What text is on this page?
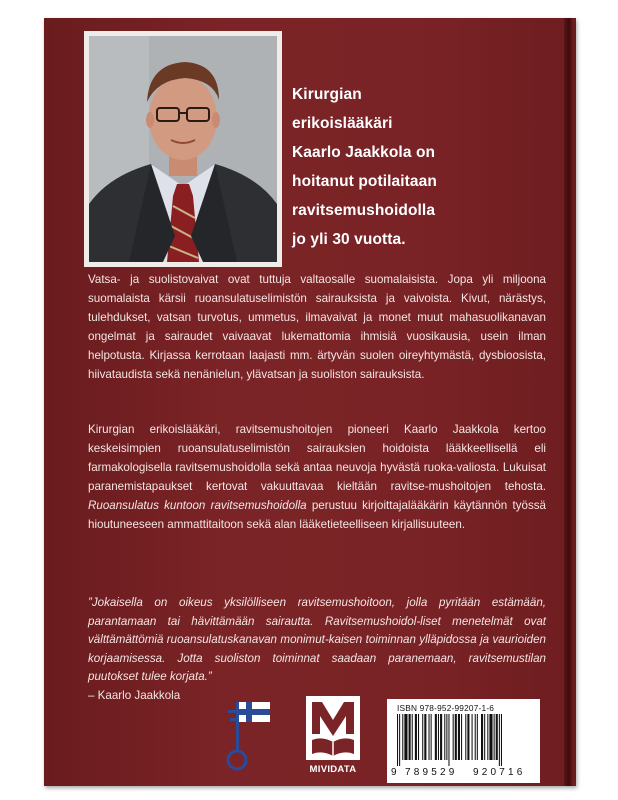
Kirurgian
erikoislääkäri
Kaarlo Jaakkola on
hoitanut potilaitaan
ravitsemushoidolla
jo yli 30 vuotta.

Vatsa- ja suolistovaivat ovat tuttuja valtaosalle suomalaisista. Jopa yli miljoona suomalaista kärsii ruoansulatuselimistön sairauksista ja vaivoista. Kivut, närästys, tulehdukset, vatsan turvotus, ummetus, ilmavaivat ja monet muut mahasuolikanavan ongelmat ja sairaudet vaivaavat lukemattomia ihmisiä vuosikausia, usein ilman helpotusta. Kirjassa kerrotaan laajasti mm. ärtyvän suolen oireyhtymästä, dysbioosista, hiivataudista sekä nenänielun, ylävatsan ja suoliston sairauksista.

Kirurgian erikoislääkäri, ravitsemushoitojen pioneeri Kaarlo Jaakkola kertoo keskeisimpien ruoansulatuselimistön sairauksien hoidoista lääkkeellisellä eli farmakologisella ravitsemushoidolla sekä antaa neuvoja hyvästä ruoka-valiosta. Lukuisat paranemistapaukset kertovat vakuuttavaa kieltään ravitse-mushoitojen tehosta. Ruoansulatus kuntoon ravitsemushoidolla perustuu kirjoittajalääkärin käytännön työssä hioutuneeseen ammattitaitoon sekä alan lääketieteelliseen kirjallisuuteen.

”Jokaisella on oikeus yksilölliseen ravitsemushoitoon, jolla pyritään estämään, parantamaan tai hävittämään sairautta. Ravitsemushoidol-liset menetelmät ovat välttämättömiä ruoansulatuskanavan monimut-kaisen toiminnan ylläpidossa ja vaurioiden korjaamisessa. Jotta suoliston toiminnat saadaan paranemaan, ravitsemustilan puutokset tulee korjata.”
– Kaarlo Jaakkola
MIVIDATA
ISBN 978-952-99207-1-6
9 789529 920716
